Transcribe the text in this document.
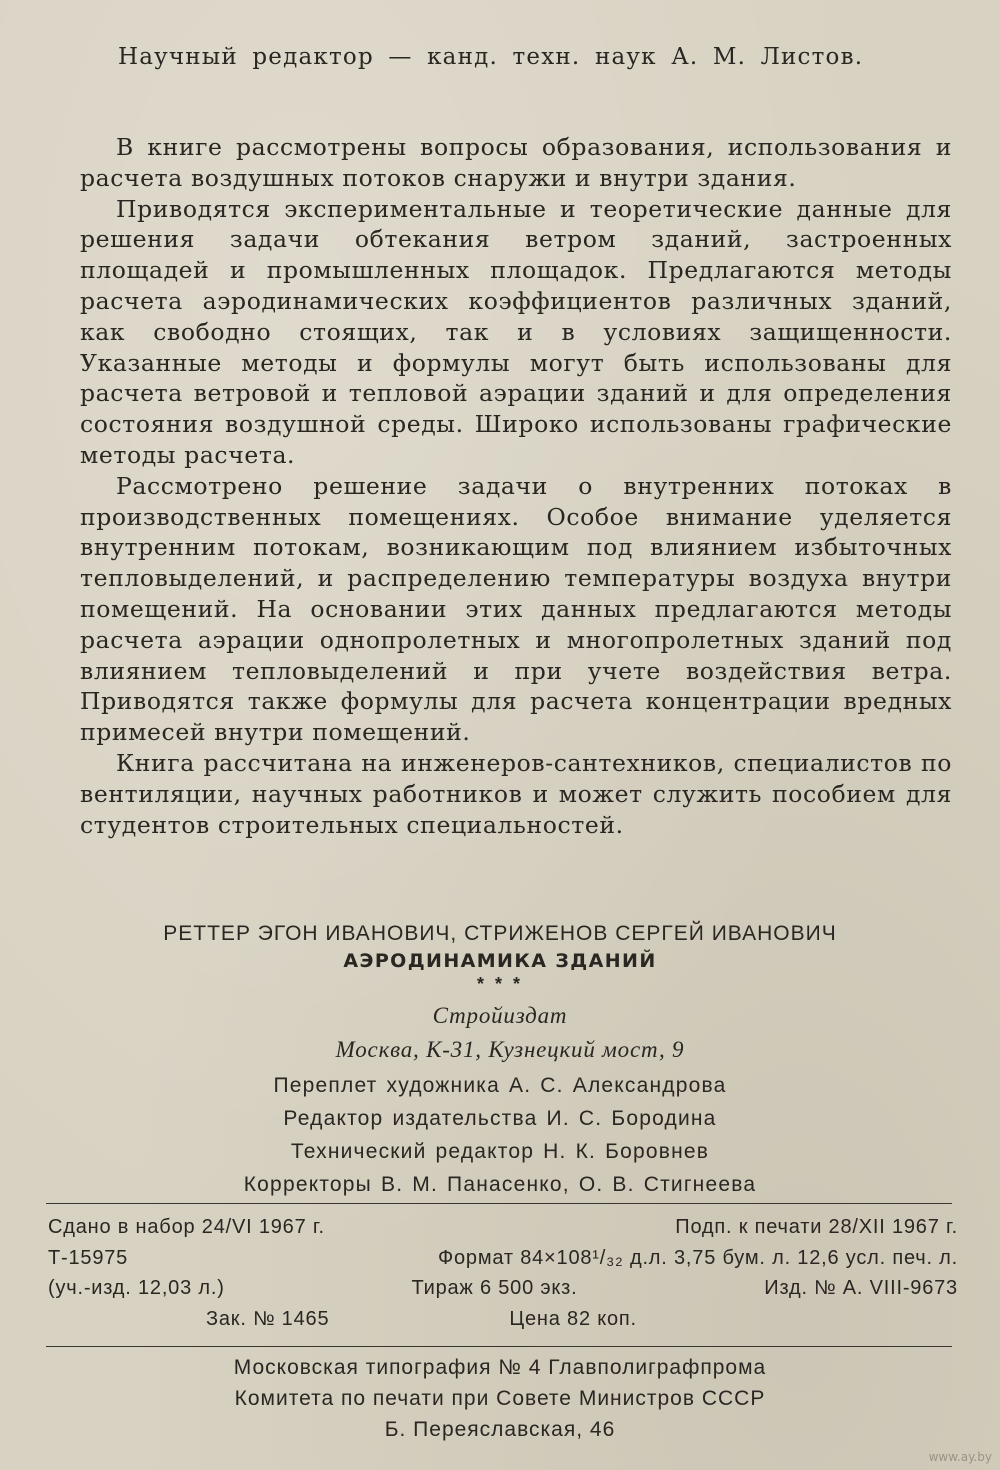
Научный редактор — канд. техн. наук А. М. Листов.

В книге рассмотрены вопросы образования, использования и расчета воздушных потоков снаружи и внутри здания.

Приводятся экспериментальные и теоретические данные для решения задачи обтекания ветром зданий, застроенных площадей и промышленных площадок. Предлагаются методы расчета аэродинамических коэффициентов различных зданий, как свободно стоящих, так и в условиях защищенности. Указанные методы и формулы могут быть использованы для расчета ветровой и тепловой аэрации зданий и для определения состояния воздушной среды. Широко использованы графические методы расчета.

Рассмотрено решение задачи о внутренних потоках в производственных помещениях. Особое внимание уделяется внутренним потокам, возникающим под влиянием избыточных тепловыделений, и распределению температуры воздуха внутри помещений. На основании этих данных предлагаются методы расчета аэрации однопролетных и многопролетных зданий под влиянием тепловыделений и при учете воздействия ветра. Приводятся также формулы для расчета концентрации вредных примесей внутри помещений.

Книга рассчитана на инженеров-сантехников, специалистов по вентиляции, научных работников и может служить пособием для студентов строительных специальностей.

РЕТТЕР ЭГОН ИВАНОВИЧ, СТРИЖЕНОВ СЕРГЕЙ ИВАНОВИЧ
АЭРОДИНАМИКА ЗДАНИЙ
* * *
Стройиздат
Москва, К-31, Кузнецкий мост, 9
Переплет художника А. С. Александрова
Редактор издательства И. С. Бородина
Технический редактор Н. К. Боровнев
Корректоры В. М. Панасенко, О. В. Стигнеева
Сдано в набор 24/VI 1967 г.	Подп. к печати 28/XII 1967 г.
Т-15975	Формат 84×108¹/₃₂ д.л. 3,75 бум. л. 12,6 усл. печ. л.
(уч.-изд. 12,03 л.)	Тираж 6 500 экз.	Изд. № А. VIII-9673
Зак. № 1465	Цена 82 коп.
Московская типография № 4 Главполиграфпрома
Комитета по печати при Совете Министров СССР
Б. Переяславская, 46
www.ay.by
